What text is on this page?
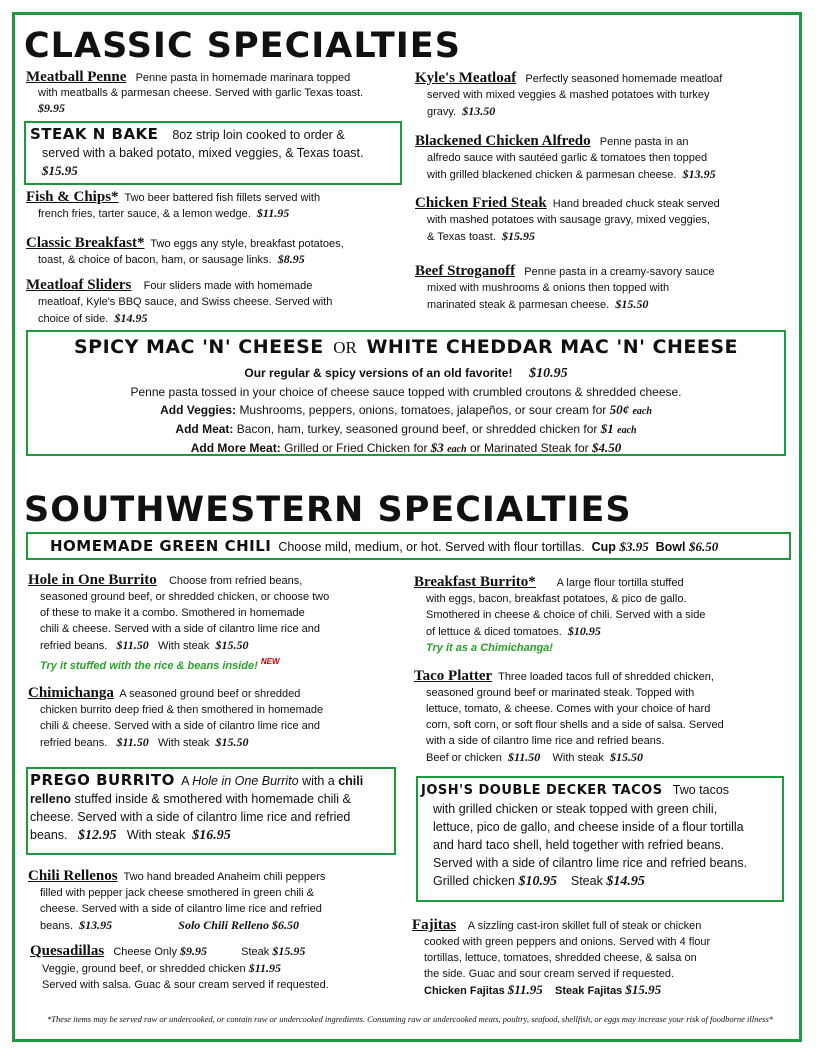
CLASSIC SPECIALTIES
Meatball Penne Penne pasta in homemade marinara topped
with meatballs & parmesan cheese. Served with garlic Texas toast.
$9.95
STEAK N BAKE 8oz strip loin cooked to order &
served with a baked potato, mixed veggies, & Texas toast.
$15.95
Fish & Chips* Two beer battered fish fillets served with
french fries, tarter sauce, & a lemon wedge. $11.95
Classic Breakfast* Two eggs any style, breakfast potatoes,
toast, & choice of bacon, ham, or sausage links. $8.95
Meatloaf Sliders Four sliders made with homemade
meatloaf, Kyle's BBQ sauce, and Swiss cheese. Served with
choice of side. $14.95
Kyle's Meatloaf Perfectly seasoned homemade meatloaf
served with mixed veggies & mashed potatoes with turkey
gravy. $13.50
Blackened Chicken Alfredo Penne pasta in an
alfredo sauce with sautéed garlic & tomatoes then topped
with grilled blackened chicken & parmesan cheese. $13.95
Chicken Fried Steak Hand breaded chuck steak served
with mashed potatoes with sausage gravy, mixed veggies,
& Texas toast. $15.95
Beef Stroganoff Penne pasta in a creamy-savory sauce
mixed with mushrooms & onions then topped with
marinated steak & parmesan cheese. $15.50
SPICY MAC 'N' CHEESE OR WHITE CHEDDAR MAC 'N' CHEESE
Our regular & spicy versions of an old favorite! $10.95
Penne pasta tossed in your choice of cheese sauce topped with crumbled croutons & shredded cheese.
Add Veggies: Mushrooms, peppers, onions, tomatoes, jalapeños, or sour cream for 50¢ each
Add Meat: Bacon, ham, turkey, seasoned ground beef, or shredded chicken for $1 each
Add More Meat: Grilled or Fried Chicken for $3 each or Marinated Steak for $4.50
SOUTHWESTERN SPECIALTIES
HOMEMADE GREEN CHILI Choose mild, medium, or hot. Served with flour tortillas. Cup $3.95 Bowl $6.50
Hole in One Burrito Choose from refried beans,
seasoned ground beef, or shredded chicken, or choose two
of these to make it a combo. Smothered in homemade
chili & cheese. Served with a side of cilantro lime rice and
refried beans. $11.50 With steak $15.50
Try it stuffed with the rice & beans inside! $^{NEW}$
Chimichanga A seasoned ground beef or shredded
chicken burrito deep fried & then smothered in homemade
chili & cheese. Served with a side of cilantro lime rice and
refried beans. $11.50 With steak $15.50
PREGO BURRITO A Hole in One Burrito with a chili
relleno stuffed inside & smothered with homemade chili &
cheese. Served with a side of cilantro lime rice and refried
beans. $12.95 With steak $16.95
Chili Rellenos Two hand breaded Anaheim chili peppers
filled with pepper jack cheese smothered in green chili &
cheese. Served with a side of cilantro lime rice and refried
beans. $13.95	Solo Chili Relleno $6.50
Quesadillas Cheese Only $9.95	Steak $15.95
Veggie, ground beef, or shredded chicken $11.95
Served with salsa. Guac & sour cream served if requested.
Breakfast Burrito* A large flour tortilla stuffed
with eggs, bacon, breakfast potatoes, & pico de gallo.
Smothered in cheese & choice of chili. Served with a side
of lettuce & diced tomatoes. $10.95
Try it as a Chimichanga!
Taco Platter Three loaded tacos full of shredded chicken,
seasoned ground beef or marinated steak. Topped with
lettuce, tomato, & cheese. Comes with your choice of hard
corn, soft corn, or soft flour shells and a side of salsa. Served
with a side of cilantro lime rice and refried beans.
Beef or chicken $11.50 With steak $15.50
JOSH'S DOUBLE DECKER TACOS Two tacos
with grilled chicken or steak topped with green chili,
lettuce, pico de gallo, and cheese inside of a flour tortilla
and hard taco shell, held together with refried beans.
Served with a side of cilantro lime rice and refried beans.
Grilled chicken $10.95 Steak $14.95
Fajitas A sizzling cast-iron skillet full of steak or chicken
cooked with green peppers and onions. Served with 4 flour
tortillas, lettuce, tomatoes, shredded cheese, & salsa on
the side. Guac and sour cream served if requested.
Chicken Fajitas $11.95 Steak Fajitas $15.95
*These items may be served raw or undercooked, or contain raw or undercooked ingredients. Consuming raw or undercooked meats, poultry, seafood, shellfish, or eggs may increase your risk of foodborne illness*
